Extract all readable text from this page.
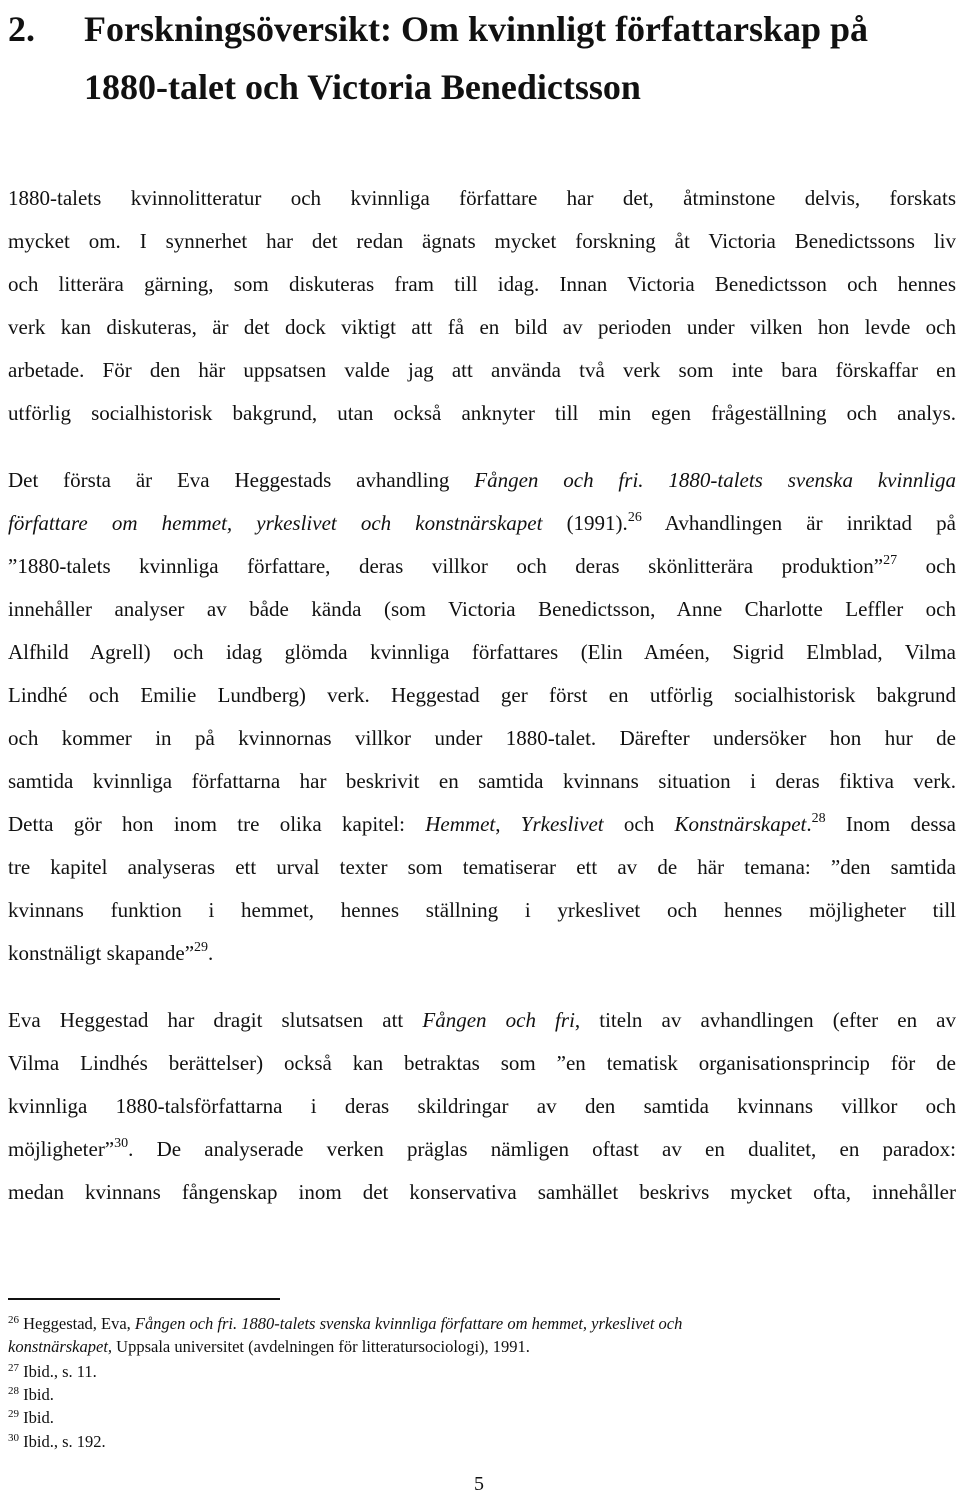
2. Forskningsöversikt: Om kvinnligt författarskap på
1880-talet och Victoria Benedictsson
1880-talets kvinnolitteratur och kvinnliga författare har det, åtminstone delvis, forskats
mycket om. I synnerhet har det redan ägnats mycket forskning åt Victoria Benedictssons liv
och litterära gärning, som diskuteras fram till idag. Innan Victoria Benedictsson och hennes
verk kan diskuteras, är det dock viktigt att få en bild av perioden under vilken hon levde och
arbetade. För den här uppsatsen valde jag att använda två verk som inte bara förskaffar en
utförlig socialhistorisk bakgrund, utan också anknyter till min egen frågeställning och analys.
Det första är Eva Heggestads avhandling Fången och fri. 1880-talets svenska kvinnliga
författare om hemmet, yrkeslivet och konstnärskapet (1991).$^{26}$ Avhandlingen är inriktad på
”1880-talets kvinnliga författare, deras villkor och deras skönlitterära produktion”$^{27}$ och
innehåller analyser av både kända (som Victoria Benedictsson, Anne Charlotte Leffler och
Alfhild Agrell) och idag glömda kvinnliga författares (Elin Améen, Sigrid Elmblad, Vilma
Lindhé och Emilie Lundberg) verk. Heggestad ger först en utförlig socialhistorisk bakgrund
och kommer in på kvinnornas villkor under 1880-talet. Därefter undersöker hon hur de
samtida kvinnliga författarna har beskrivit en samtida kvinnans situation i deras fiktiva verk.
Detta gör hon inom tre olika kapitel: Hemmet, Yrkeslivet och Konstnärskapet.$^{28}$ Inom dessa
tre kapitel analyseras ett urval texter som tematiserar ett av de här temana: ”den samtida
kvinnans funktion i hemmet, hennes ställning i yrkeslivet och hennes möjligheter till
konstnäligt skapande”$^{29}$.
Eva Heggestad har dragit slutsatsen att Fången och fri, titeln av avhandlingen (efter en av
Vilma Lindhés berättelser) också kan betraktas som ”en tematisk organisationsprincip för de
kvinnliga 1880-talsförfattarna i deras skildringar av den samtida kvinnans villkor och
möjligheter”$^{30}$. De analyserade verken präglas nämligen oftast av en dualitet, en paradox:
medan kvinnans fångenskap inom det konservativa samhället beskrivs mycket ofta, innehåller
$^{26}$ Heggestad, Eva, Fången och fri. 1880-talets svenska kvinnliga författare om hemmet, yrkeslivet och
konstnärskapet, Uppsala universitet (avdelningen för litteratursociologi), 1991.
$^{27}$ Ibid., s. 11.
$^{28}$ Ibid.
$^{29}$ Ibid.
$^{30}$ Ibid., s. 192.
5
